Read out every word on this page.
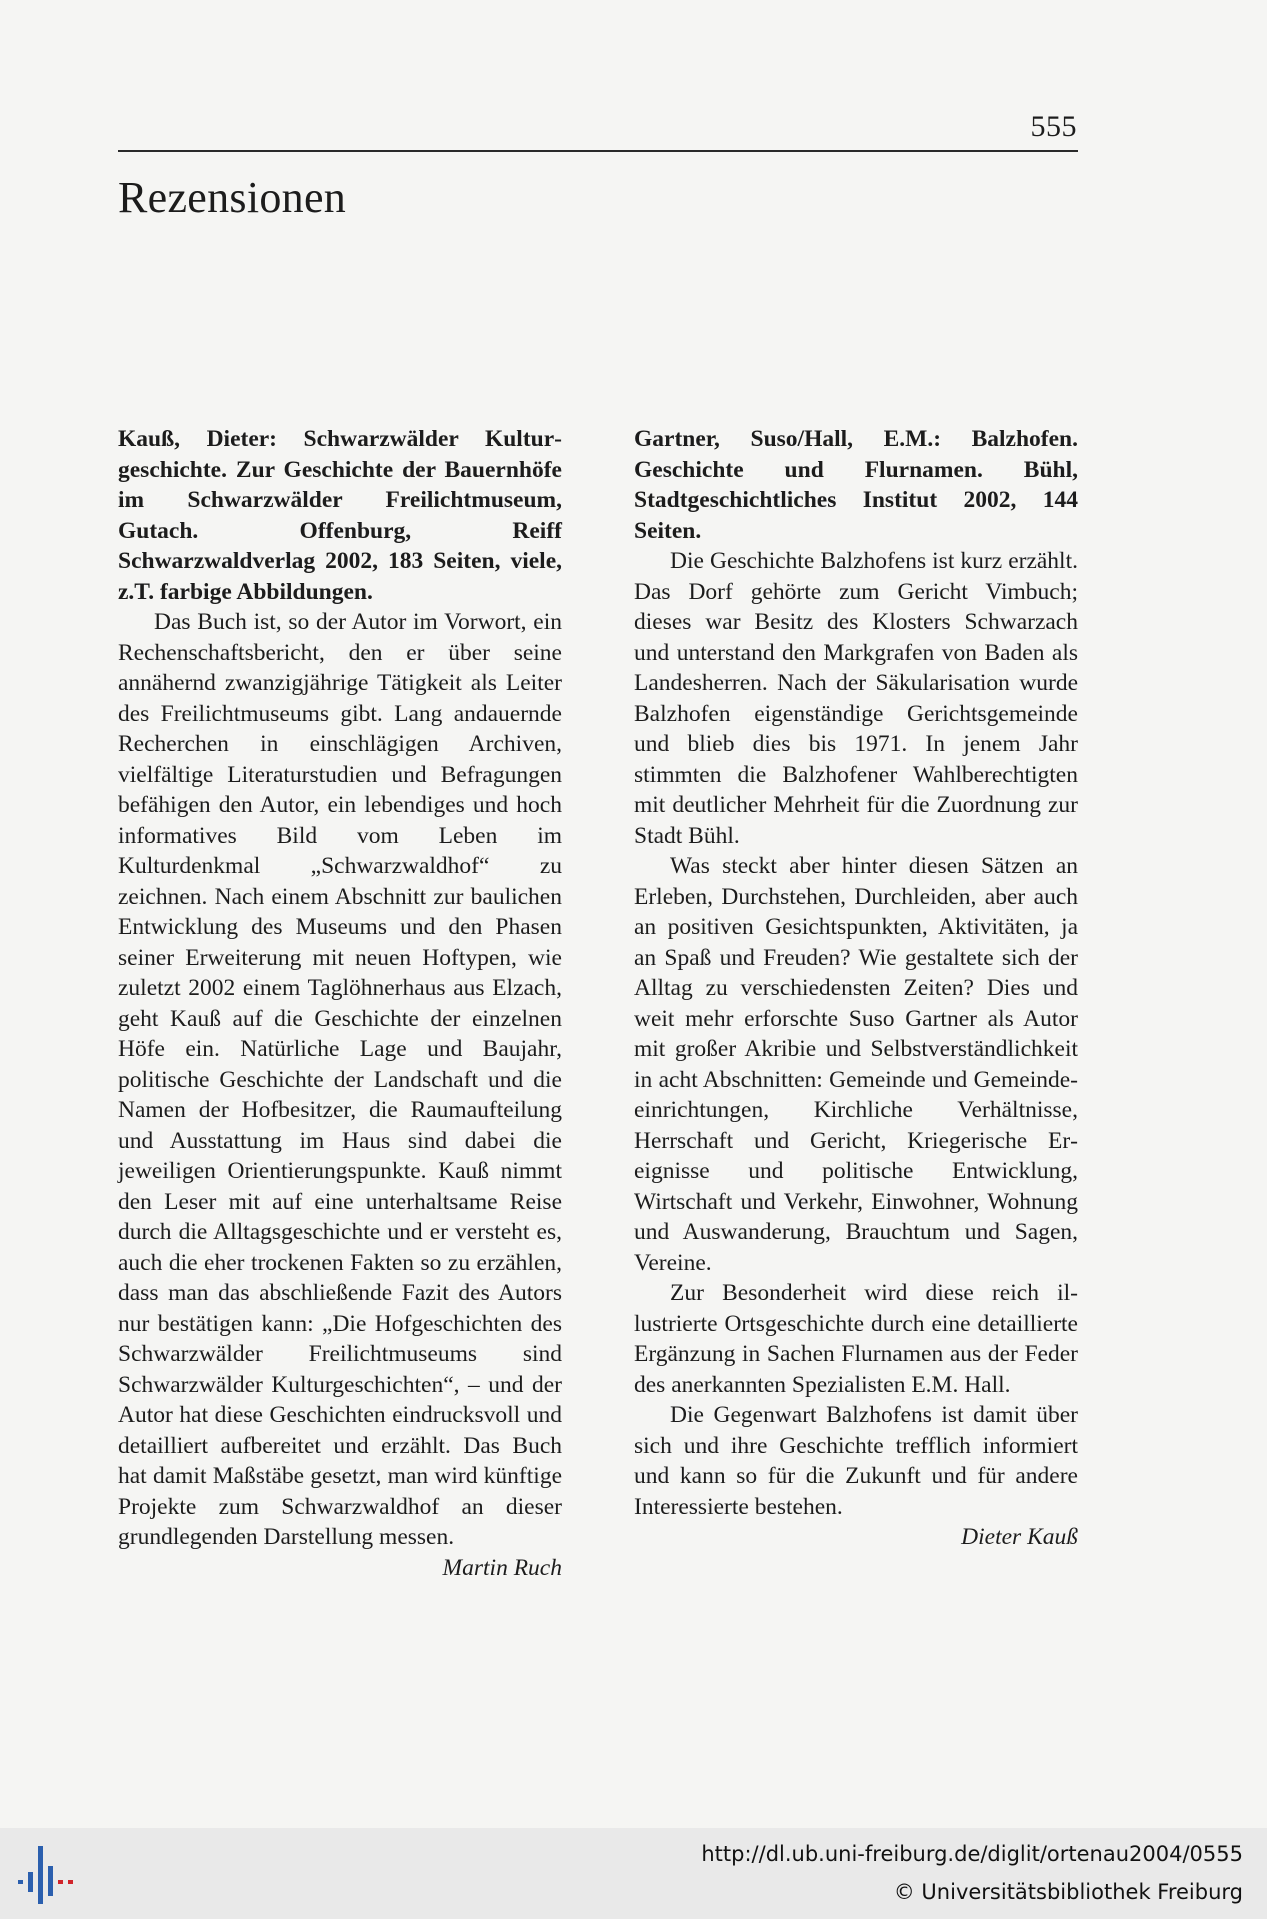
555
Rezensionen

Kauß, Dieter: Schwarzwälder Kulturgeschichte. Zur Geschichte der Bauernhöfe im Schwarzwälder Freilichtmuseum, Gutach. Offenburg, Reiff Schwarzwaldverlag 2002, 183 Seiten, viele, z.T. farbige Abbildungen.

Das Buch ist, so der Autor im Vorwort, ein Rechenschaftsbericht, den er über seine annähernd zwanzigjährige Tätigkeit als Leiter des Freilichtmuseums gibt. Lang andauernde Recherchen in einschlägigen Archiven, vielfältige Literaturstudien und Befragungen befähigen den Autor, ein lebendiges und hoch informatives Bild vom Leben im Kulturdenkmal „Schwarzwaldhof“ zu zeichnen. Nach einem Abschnitt zur baulichen Entwicklung des Museums und den Phasen seiner Erweiterung mit neuen Hoftypen, wie zuletzt 2002 einem Taglöhnerhaus aus Elzach, geht Kauß auf die Geschichte der einzelnen Höfe ein. Natürliche Lage und Baujahr, politische Geschichte der Landschaft und die Namen der Hofbesitzer, die Raumaufteilung und Ausstattung im Haus sind dabei die jeweiligen Orientierungspunkte. Kauß nimmt den Leser mit auf eine unterhaltsame Reise durch die Alltagsgeschichte und er versteht es, auch die eher trockenen Fakten so zu erzählen, dass man das abschließende Fazit des Autors nur bestätigen kann: „Die Hofgeschichten des Schwarzwälder Freilichtmuseums sind Schwarzwälder Kulturgeschichten“, – und der Autor hat diese Geschichten eindrucksvoll und detailliert aufbereitet und erzählt. Das Buch hat damit Maßstäbe gesetzt, man wird künftige Projekte zum Schwarzwaldhof an dieser grundlegenden Darstellung messen.

Martin Ruch

Gartner, Suso/Hall, E.M.: Balzhofen. Geschichte und Flurnamen. Bühl, Stadtgeschichtliches Institut 2002, 144 Seiten.

Die Geschichte Balzhofens ist kurz erzählt. Das Dorf gehörte zum Gericht Vimbuch; dieses war Besitz des Klosters Schwarzach und unterstand den Markgrafen von Baden als Landesherren. Nach der Säkularisation wurde Balzhofen eigenständige Gerichtsgemeinde und blieb dies bis 1971. In jenem Jahr stimmten die Balzhofener Wahlberechtigten mit deutlicher Mehrheit für die Zuordnung zur Stadt Bühl.

Was steckt aber hinter diesen Sätzen an Erleben, Durchstehen, Durchleiden, aber auch an positiven Gesichtspunkten, Aktivitäten, ja an Spaß und Freuden? Wie gestaltete sich der Alltag zu verschiedensten Zeiten? Dies und weit mehr erforschte Suso Gartner als Autor mit großer Akribie und Selbstverständlichkeit in acht Abschnitten: Gemeinde und Gemeindeeinrichtungen, Kirchliche Verhältnisse, Herrschaft und Gericht, Kriegerische Ereignisse und politische Entwicklung, Wirtschaft und Verkehr, Einwohner, Wohnung und Auswanderung, Brauchtum und Sagen, Vereine.

Zur Besonderheit wird diese reich illustrierte Ortsgeschichte durch eine detaillierte Ergänzung in Sachen Flurnamen aus der Feder des anerkannten Spezialisten E.M. Hall.

Die Gegenwart Balzhofens ist damit über sich und ihre Geschichte trefflich informiert und kann so für die Zukunft und für andere Interessierte bestehen.

Dieter Kauß

http://dl.ub.uni-freiburg.de/diglit/ortenau2004/0555
© Universitätsbibliothek Freiburg
